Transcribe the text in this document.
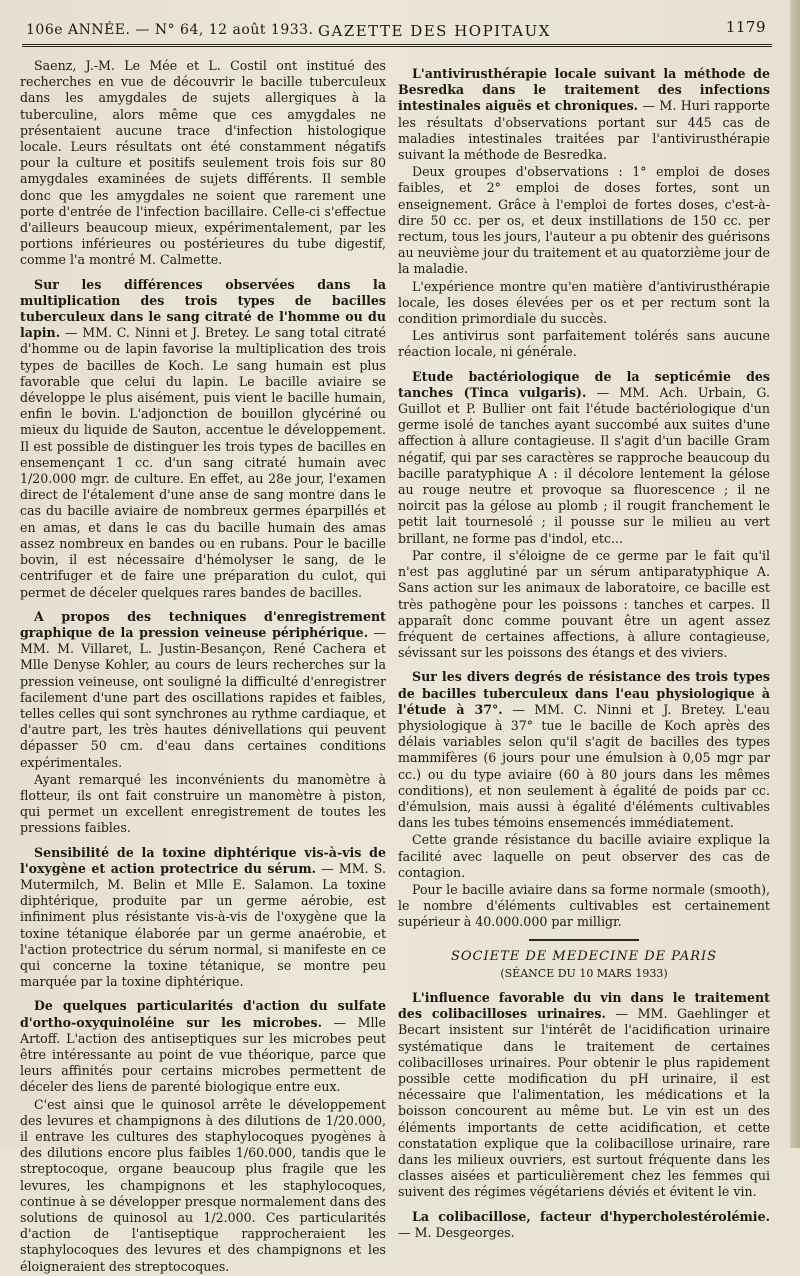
106e ANNÉE. — N° 64, 12 août 1933. GAZETTE DES HOPITAUX	1179

Saenz, J.-M. Le Mée et L. Costil ont institué des recherches en vue de découvrir le bacille tuberculeux dans les amygdales de sujets allergiques à la tuberculine, alors même que ces amygdales ne présentaient aucune trace d'infection histologique locale. Leurs résultats ont été constamment négatifs pour la culture et positifs seulement trois fois sur 80 amygdales examinées de sujets différents. Il semble donc que les amygdales ne soient que rarement une porte d'entrée de l'infection bacillaire. Celle-ci s'effectue d'ailleurs beaucoup mieux, expérimentalement, par les portions inférieures ou postérieures du tube digestif, comme l'a montré M. Calmette.

Sur les différences observées dans la multiplication des trois types de bacilles tuberculeux dans le sang citraté de l'homme ou du lapin. — MM. C. Ninni et J. Bretey. Le sang total citraté d'homme ou de lapin favorise la multiplication des trois types de bacilles de Koch. Le sang humain est plus favorable que celui du lapin. Le bacille aviaire se développe le plus aisément, puis vient le bacille humain, enfin le bovin. L'adjonction de bouillon glycériné ou mieux du liquide de Sauton, accentue le développement. Il est possible de distinguer les trois types de bacilles en ensemençant 1 cc. d'un sang citraté humain avec 1/20.000 mgr. de culture. En effet, au 28e jour, l'examen direct de l'étalement d'une anse de sang montre dans le cas du bacille aviaire de nombreux germes éparpillés et en amas, et dans le cas du bacille humain des amas assez nombreux en bandes ou en rubans. Pour le bacille bovin, il est nécessaire d'hémolyser le sang, de le centrifuger et de faire une préparation du culot, qui permet de déceler quelques rares bandes de bacilles.

A propos des techniques d'enregistrement graphique de la pression veineuse périphérique. — MM. M. Villaret, L. Justin-Besançon, René Cachera et Mlle Denyse Kohler, au cours de leurs recherches sur la pression veineuse, ont souligné la difficulté d'enregistrer facilement d'une part des oscillations rapides et faibles, telles celles qui sont synchrones au rythme cardiaque, et d'autre part, les très hautes dénivellations qui peuvent dépasser 50 cm. d'eau dans certaines conditions expérimentales.

Ayant remarqué les inconvénients du manomètre à flotteur, ils ont fait construire un manomètre à piston, qui permet un excellent enregistrement de toutes les pressions faibles.

Sensibilité de la toxine diphtérique vis-à-vis de l'oxygène et action protectrice du sérum. — MM. S. Mutermilch, M. Belin et Mlle E. Salamon. La toxine diphtérique, produite par un germe aérobie, est infiniment plus résistante vis-à-vis de l'oxygène que la toxine tétanique élaborée par un germe anaérobie, et l'action protectrice du sérum normal, si manifeste en ce qui concerne la toxine tétanique, se montre peu marquée par la toxine diphtérique.

De quelques particularités d'action du sulfate d'ortho-oxyquinoléine sur les microbes. — Mlle Artoff. L'action des antiseptiques sur les microbes peut être intéressante au point de vue théorique, parce que leurs affinités pour certains microbes permettent de déceler des liens de parenté biologique entre eux.

C'est ainsi que le quinosol arrête le développement des levures et champignons à des dilutions de 1/20.000, il entrave les cultures des staphylocoques pyogènes à des dilutions encore plus faibles 1/60.000, tandis que le streptocoque, organe beaucoup plus fragile que les levures, les champignons et les staphylocoques, continue à se développer presque normalement dans des solutions de quinosol au 1/2.000. Ces particularités d'action de l'antiseptique rapprocheraient les staphylocoques des levures et des champignons et les éloigneraient des streptocoques.

L'antivirusthérapie locale suivant la méthode de Besredka dans le traitement des infections intestinales aiguës et chroniques. — M. Huri rapporte les résultats d'observations portant sur 445 cas de maladies intestinales traitées par l'antivirusthérapie suivant la méthode de Besredka.

Deux groupes d'observations : 1° emploi de doses faibles, et 2° emploi de doses fortes, sont un enseignement. Grâce à l'emploi de fortes doses, c'est-à-dire 50 cc. per os, et deux instillations de 150 cc. per rectum, tous les jours, l'auteur a pu obtenir des guérisons au neuvième jour du traitement et au quatorzième jour de la maladie.

L'expérience montre qu'en matière d'antivirusthérapie locale, les doses élevées per os et per rectum sont la condition primordiale du succès.

Les antivirus sont parfaitement tolérés sans aucune réaction locale, ni générale.

Etude bactériologique de la septicémie des tanches (Tinca vulgaris). — MM. Ach. Urbain, G. Guillot et P. Bullier ont fait l'étude bactériologique d'un germe isolé de tanches ayant succombé aux suites d'une affection à allure contagieuse. Il s'agit d'un bacille Gram négatif, qui par ses caractères se rapproche beaucoup du bacille paratyphique A : il décolore lentement la gélose au rouge neutre et provoque sa fluorescence ; il ne noircit pas la gélose au plomb ; il rougit franchement le petit lait tournesolé ; il pousse sur le milieu au vert brillant, ne forme pas d'indol, etc...

Par contre, il s'éloigne de ce germe par le fait qu'il n'est pas agglutiné par un sérum antiparatyphique A. Sans action sur les animaux de laboratoire, ce bacille est très pathogène pour les poissons : tanches et carpes. Il apparaît donc comme pouvant être un agent assez fréquent de certaines affections, à allure contagieuse, sévissant sur les poissons des étangs et des viviers.

Sur les divers degrés de résistance des trois types de bacilles tuberculeux dans l'eau physiologique à l'étude à 37°. — MM. C. Ninni et J. Bretey. L'eau physiologique à 37° tue le bacille de Koch après des délais variables selon qu'il s'agit de bacilles des types mammifères (6 jours pour une émulsion à 0,05 mgr par cc.) ou du type aviaire (60 à 80 jours dans les mêmes conditions), et non seulement à égalité de poids par cc. d'émulsion, mais aussi à égalité d'éléments cultivables dans les tubes témoins ensemencés immédiatement.

Cette grande résistance du bacille aviaire explique la facilité avec laquelle on peut observer des cas de contagion.

Pour le bacille aviaire dans sa forme normale (smooth), le nombre d'éléments cultivables est certainement supérieur à 40.000.000 par milligr.

SOCIETE DE MEDECINE DE PARIS

(SÉANCE DU 10 MARS 1933)

L'influence favorable du vin dans le traitement des colibacilloses urinaires. — MM. Gaehlinger et Becart insistent sur l'intérêt de l'acidification urinaire systématique dans le traitement de certaines colibacilloses urinaires. Pour obtenir le plus rapidement possible cette modification du pH urinaire, il est nécessaire que l'alimentation, les médications et la boisson concourent au même but. Le vin est un des éléments importants de cette acidification, et cette constatation explique que la colibacillose urinaire, rare dans les milieux ouvriers, est surtout fréquente dans les classes aisées et particulièrement chez les femmes qui suivent des régimes végétariens déviés et évitent le vin.

La colibacillose, facteur d'hypercholestérolémie. — M. Desgeorges.
